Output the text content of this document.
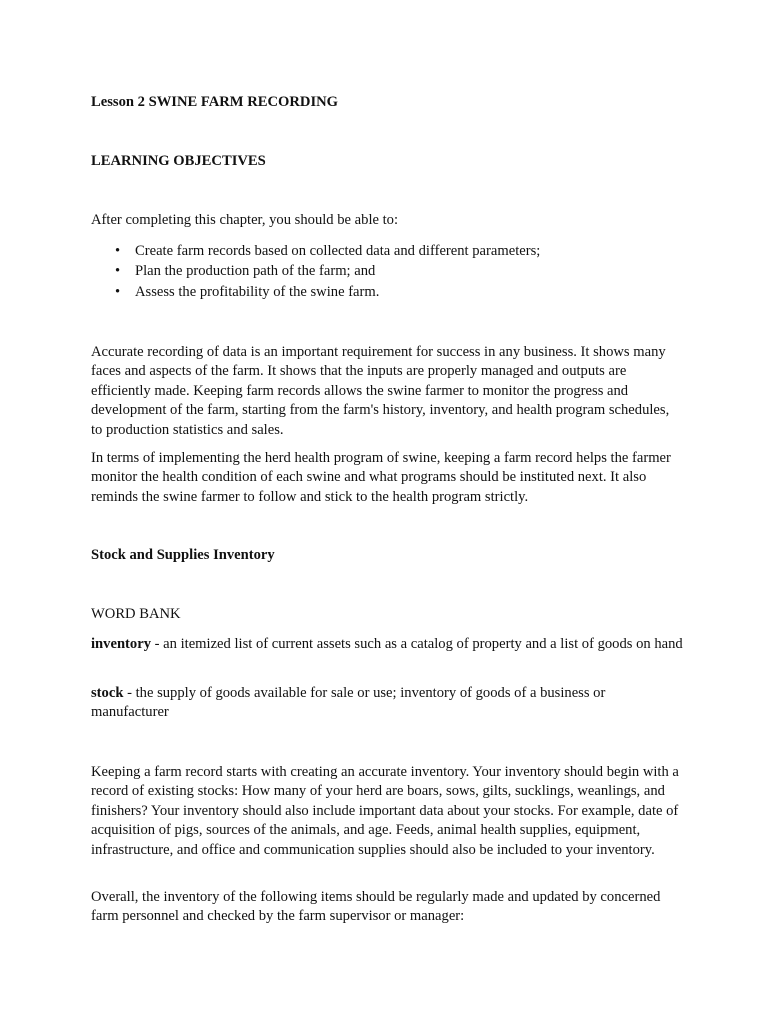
Lesson 2 SWINE FARM RECORDING

LEARNING OBJECTIVES

After completing this chapter, you should be able to:

• Create farm records based on collected data and different parameters;
• Plan the production path of the farm; and
• Assess the profitability of the swine farm.

Accurate recording of data is an important requirement for success in any business. It shows many faces and aspects of the farm. It shows that the inputs are properly managed and outputs are efficiently made. Keeping farm records allows the swine farmer to monitor the progress and development of the farm, starting from the farm's history, inventory, and health program schedules, to production statistics and sales.

In terms of implementing the herd health program of swine, keeping a farm record helps the farmer monitor the health condition of each swine and what programs should be instituted next. It also reminds the swine farmer to follow and stick to the health program strictly.

Stock and Supplies Inventory

WORD BANK

inventory - an itemized list of current assets such as a catalog of property and a list of goods on hand

stock - the supply of goods available for sale or use; inventory of goods of a business or manufacturer

Keeping a farm record starts with creating an accurate inventory. Your inventory should begin with a record of existing stocks: How many of your herd are boars, sows, gilts, sucklings, weanlings, and finishers? Your inventory should also include important data about your stocks. For example, date of acquisition of pigs, sources of the animals, and age. Feeds, animal health supplies, equipment, infrastructure, and office and communication supplies should also be included to your inventory.

Overall, the inventory of the following items should be regularly made and updated by concerned farm personnel and checked by the farm supervisor or manager:
